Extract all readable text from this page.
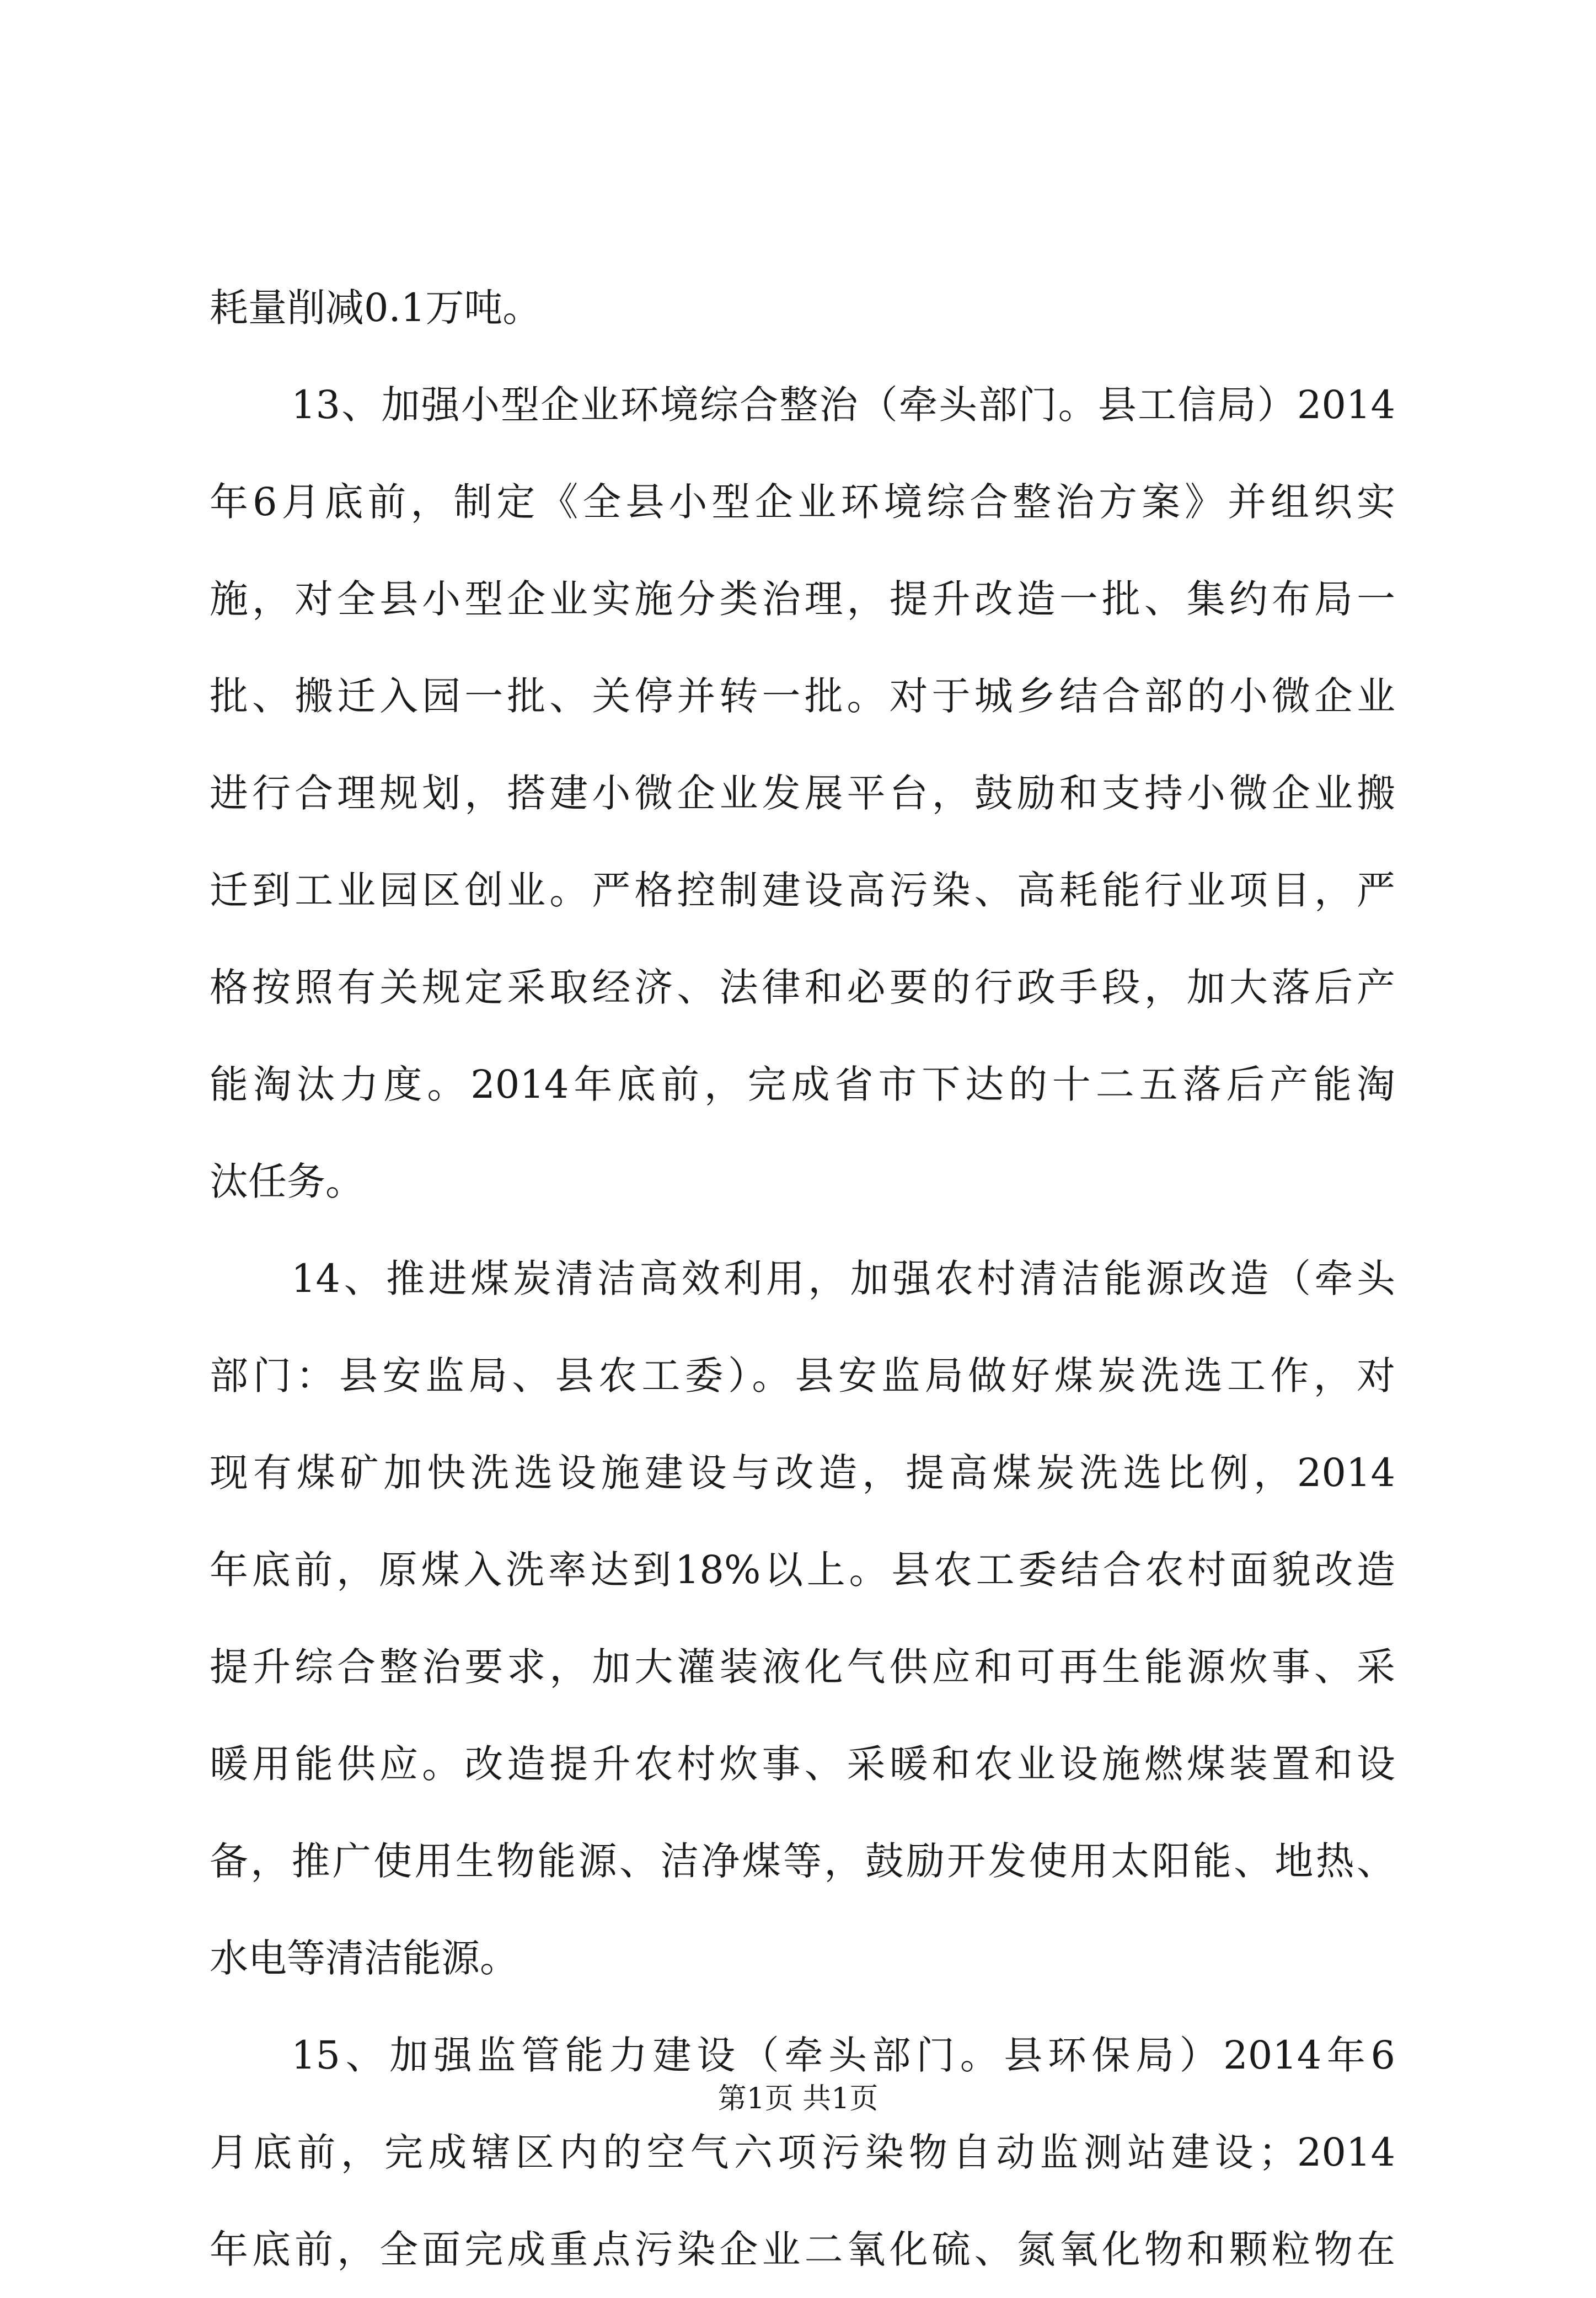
耗量削减0.1万吨。
13、加强小型企业环境综合整治（牵头部门。县工信局）2014
年6月底前，制定《全县小型企业环境综合整治方案》并组织实
施，对全县小型企业实施分类治理，提升改造一批、集约布局一
批、搬迁入园一批、关停并转一批。对于城乡结合部的小微企业
进行合理规划，搭建小微企业发展平台，鼓励和支持小微企业搬
迁到工业园区创业。严格控制建设高污染、高耗能行业项目，严
格按照有关规定采取经济、法律和必要的行政手段，加大落后产
能淘汰力度。2014年底前，完成省市下达的十二五落后产能淘
汰任务。
14、推进煤炭清洁高效利用，加强农村清洁能源改造（牵头
部门：县安监局、县农工委）。县安监局做好煤炭洗选工作，对
现有煤矿加快洗选设施建设与改造，提高煤炭洗选比例，2014
年底前，原煤入洗率达到18%以上。县农工委结合农村面貌改造
提升综合整治要求，加大灌装液化气供应和可再生能源炊事、采
暖用能供应。改造提升农村炊事、采暖和农业设施燃煤装置和设
备，推广使用生物能源、洁净煤等，鼓励开发使用太阳能、地热、
水电等清洁能源。
15、加强监管能力建设（牵头部门。县环保局）2014年6
月底前，完成辖区内的空气六项污染物自动监测站建设；2014
年底前，全面完成重点污染企业二氧化硫、氮氧化物和颗粒物在
第1页 共1页
